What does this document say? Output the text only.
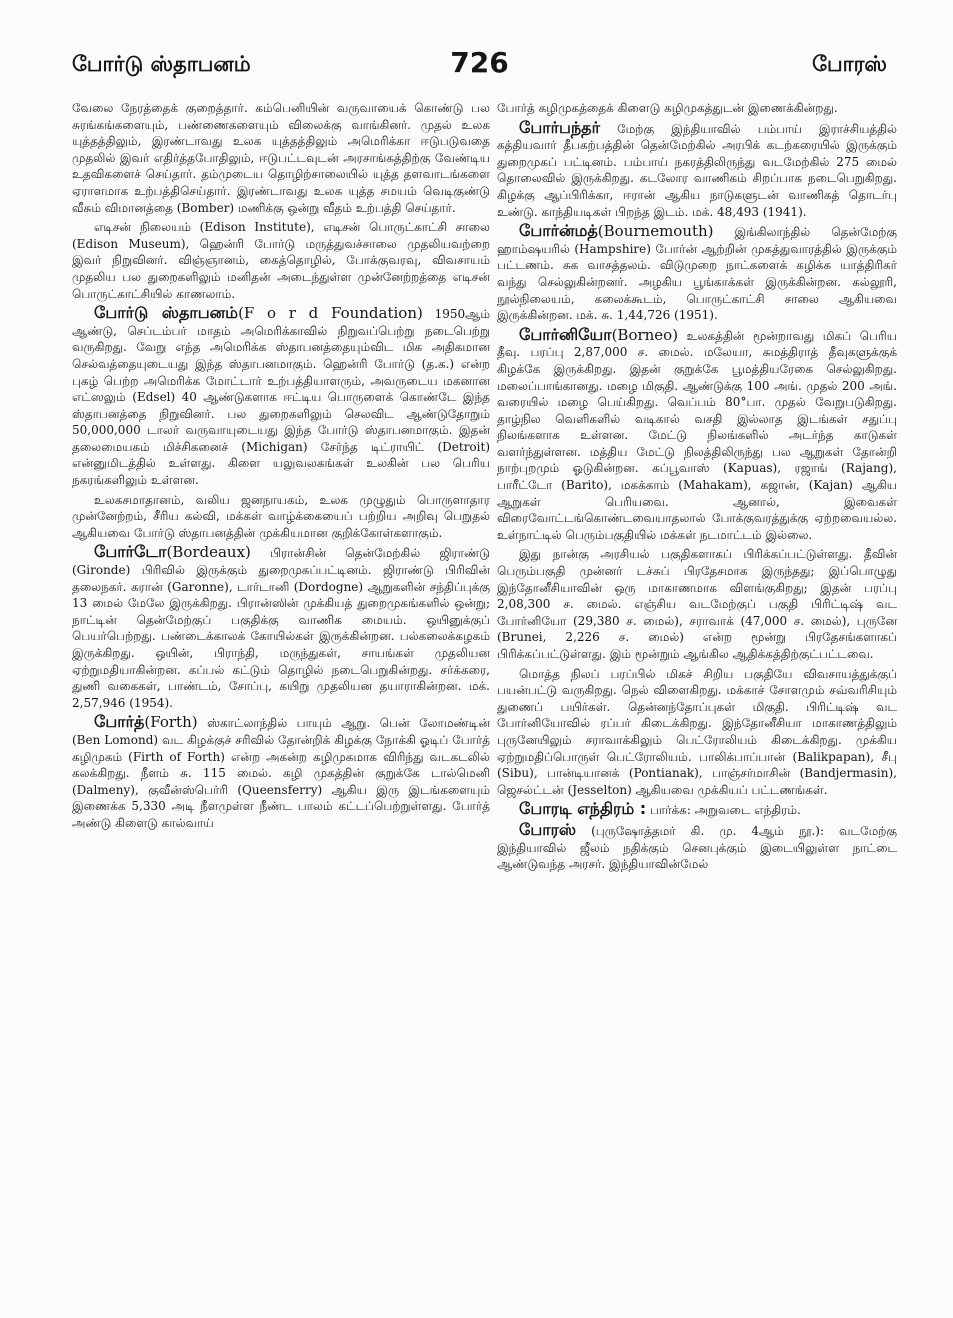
போர்டு ஸ்தாபனம்	726	போரஸ்

வேலை நேரத்தைக் குறைத்தார். கம்பெனியின் வருவாயைக் கொண்டு பல சுரங்கங்களையும், பண்ணைகளையும் விலைக்கு வாங்கினர். முதல் உலக யுத்தத்திலும், இரண்டாவது உலக யுத்தத்திலும் அமெரிக்கா ஈடுபடுவதை முதலில் இவர் எதிர்த்தபோதிலும், ஈடுபட்டவுடன் அரசாங்கத்திற்கு வேண்டிய உதவிகளைச் செய்தார். தம்முடைய தொழிற்சாலையில் யுத்த தளவாடங்களை ஏராளமாக உற்பத்திசெய்தார். இரண்டாவது உலக யுத்த சமயம் வெடிகுண்டு வீசும் விமானத்தை (Bomber) மணிக்கு ஒன்று வீதம் உற்பத்தி செய்தார்.

எடிசன் நிலையம் (Edison Institute), எடிசன் பொருட்காட்சி சாலை (Edison Museum), ஹென்ரி போர்டு மருத்துவச்சாலை முதலியவற்றை இவர் நிறுவினர். விஞ்ஞானம், கைத்தொழில், போக்குவரவு, விவசாயம் முதலிய பல துறைகளிலும் மனிதன் அடைந்துள்ள முன்னேற்றத்தை எடிசன் பொருட்காட்சியில் காணலாம்.

போர்டு ஸ்தாபனம்(F o r d Foundation) 1950ஆம் ஆண்டு, செப்டம்பர் மாதம் அமெரிக்காவில் நிறுவப்பெற்று நடைபெற்று வருகிறது. வேறு எந்த அமெரிக்க ஸ்தாபனத்தையும்விட மிக அதிகமான செல்வத்தையுடையது இந்த ஸ்தாபனமாகும். ஹென்ரி போர்டு (த.க.) என்ற புகழ் பெற்ற அமெரிக்க மோட்டார் உற்பத்தியாளரும், அவருடைய மகனான எட்ஸலும் (Edsel) 40 ஆண்டுகளாக ஈட்டிய பொருளைக் கொண்டே இந்த ஸ்தாபனத்தை நிறுவினர். பல துறைகளிலும் செலவிட ஆண்டுதோறும் 50,000,000 டாலர் வருவாயுடையது இந்த போர்டு ஸ்தாபனமாகும். இதன் தலைமையகம் மிச்சிகனைச் (Michigan) சேர்ந்த டிட்ராயிட் (Detroit) என்னுமிடத்தில் உள்ளது. கிளை யலுவலகங்கள் உலகின் பல பெரிய நகரங்களிலும் உள்ளன.

உலகசமாதானம், வலிய ஜனநாயகம், உலக முழுதும் பொருளாதார முன்னேற்றம், சீரிய கல்வி, மக்கள் வாழ்க்கையைப் பற்றிய அறிவு பெறுதல் ஆகியவை போர்டு ஸ்தாபனத்தின் முக்கியமான குறிக்கோள்களாகும்.

போர்டோ(Bordeaux) பிரான்சின் தென்மேற்கில் ஜிராண்டு (Gironde) பிரிவில் இருக்கும் துறைமுகப்பட்டினம். ஜிராண்டு பிரிவின் தலைநகர். கரான் (Garonne), டார்டானி (Dordogne) ஆறுகளின் சந்திப்புக்கு 13 மைல் மேலே இருக்கிறது. பிரான்ஸின் முக்கியத் துறைமுகங்களில் ஒன்று; நாட்டின் தென்மேற்குப் பகுதிக்கு வாணிக மையம். ஒயினுக்குப் பெயர்பெற்றது. பண்டைக்காலக் கோயில்கள் இருக்கின்றன. பல்கலைக்கழகம் இருக்கிறது. ஒயின், பிராந்தி, மருந்துகள், சாயங்கள் முதலியன ஏற்றுமதியாகின்றன. கப்பல் கட்டும் தொழில் நடைபெறுகின்றது. சர்க்கரை, துணி வகைகள், பாண்டம், சோப்பு, கயிறு முதலியன தயாராகின்றன. மக். 2,57,946 (1954).

போர்த்(Forth) ஸ்காட்லாந்தில் பாயும் ஆறு. பென் லோமண்டின் (Ben Lomond) வட கிழக்குச் சரிவில் தோன்றிக் கிழக்கு நோக்கி ஓடிப் போர்த் கழிமுகம் (Firth of Forth) என்ற அகன்ற கழிமுகமாக விரிந்து வடகடலில் கலக்கிறது. நீளம் சு. 115 மைல். கழி முகத்தின் குறுக்கே டால்மெனி (Dalmeny), குவீன்ஸ்பெர்ரி (Queensferry) ஆகிய இரு இடங்களையும் இணைக்க 5,330 அடி நீளமுள்ள நீண்ட பாலம் கட்டப்பெற்றுள்ளது. போர்த் அண்டு கிளைடு கால்வாய்

போர்த் கழிமுகத்தைக் கிளைடு கழிமுகத்துடன் இணைக்கின்றது.

போர்பந்தர் மேற்கு இந்தியாவில் பம்பாய் இராச்சியத்தில் கத்தியவார் தீபகற்பத்தின் தென்மேற்கில் அரபிக் கடற்கரையில் இருக்கும் துறைமுகப் பட்டினம். பம்பாய் நகரத்திலிருந்து வடமேற்கில் 275 மைல் தொலைவில் இருக்கிறது. கடலோர வாணிகம் சிறப்பாக நடைபெறுகிறது. கிழக்கு ஆப்பிரிக்கா, ஈரான் ஆகிய நாடுகளுடன் வாணிகத் தொடர்பு உண்டு. காந்தியடிகள் பிறந்த இடம். மக். 48,493 (1941).

போர்ன்மத்(Bournemouth) இங்கிலாந்தில் தென்மேற்கு ஹாம்ஷயரில் (Hampshire) போர்ன் ஆற்றின் முகத்துவாரத்தில் இருக்கும் பட்டணம். சுக வாசத்தலம். விடுமுறை நாட்களைக் கழிக்க யாத்திரிகர் வந்து செல்லுகின்றனர். அழகிய பூங்காக்கள் இருக்கின்றன. கல்லூரி, நூல்நிலையம், கலைக்கூடம், பொருட்காட்சி சாலை ஆகியவை இருக்கின்றன. மக். சு. 1,44,726 (1951).

போர்னியோ(Borneo) உலகத்தின் மூன்றாவது மிகப் பெரிய தீவு. பரப்பு 2,87,000 ச. மைல். மலேயா, சுமத்திராத் தீவுகளுக்குக் கிழக்கே இருக்கிறது. இதன் குறுக்கே பூமத்தியரேகை செல்லுகிறது. மலைப்பாங்கானது. மழை மிகுதி. ஆண்டுக்கு 100 அங். முதல் 200 அங். வரையில் மழை பெய்கிறது. வெப்பம் 80°பா. முதல் வேறுபடுகிறது. தாழ்நில வெளிகளில் வடிகால் வசதி இல்லாத இடங்கள் சதுப்பு நிலங்களாக உள்ளன. மேட்டு நிலங்களில் அடர்ந்த காடுகள் வளர்ந்துள்ளன. மத்திய மேட்டு நிலத்திலிருந்து பல ஆறுகள் தோன்றி நாற்புறமும் ஓடுகின்றன. கப்பூவாஸ் (Kapuas), ரஜாங் (Rajang), பாரீட்டோ (Barito), மகக்காம் (Mahakam), கஜான், (Kajan) ஆகிய ஆறுகள் பெரியவை. ஆனால், இவைகள் விரைவோட்டங்கொண்டவையாதலால் போக்குவரத்துக்கு ஏற்றவையல்ல. உள்நாட்டில் பெரும்பகுதியில் மக்கள் நடமாட்டம் இல்லை.

இது நான்கு அரசியல் பகுதிகளாகப் பிரிக்கப்பட்டுள்ளது. தீவின் பெரும்பகுதி முன்னர் டச்சுப் பிரதேசமாக இருந்தது; இப்பொழுது இந்தோனீசியாவின் ஒரு மாகாணமாக விளங்குகிறது; இதன் பரப்பு 2,08,300 ச. மைல். எஞ்சிய வடமேற்குப் பகுதி பிரிட்டிஷ் வட போர்னியோ (29,380 ச. மைல்), சராவாக் (47,000 ச. மைல்), புருனே (Brunei, 2,226 ச. மைல்) என்ற மூன்று பிரதேசங்களாகப் பிரிக்கப்பட்டுள்ளது. இம் மூன்றும் ஆங்கில ஆதிக்கத்திற்குட்பட்டவை.

மொத்த நிலப் பரப்பில் மிகச் சிறிய பகுதியே விவசாயத்துக்குப் பயன்பட்டு வருகிறது. நெல் விளைகிறது. மக்காச் சோளமும் சவ்வரிசியும் துணைப் பயிர்கள். தென்னந்தோப்புகள் மிகுதி. பிரிட்டிஷ் வட போர்னியோவில் ரப்பர் கிடைக்கிறது. இந்தோனீசியா மாகாணத்திலும் புருனேயிலும் சராவாக்கிலும் பெட்ரோலியம் கிடைக்கிறது. முக்கிய ஏற்றுமதிப்பொருள் பெட்ரோலியம். பாலிக்பாப்பான் (Balikpapan), சீபு (Sibu), பான்டியானக் (Pontianak), பாஞ்சர்மாசின் (Bandjermasin), ஜெசல்ட்டன் (Jesselton) ஆகியவை முக்கியப் பட்டணங்கள்.

போரடி எந்திரம் : பார்க்க: அறுவடை எந்திரம்.

போரஸ் (புருஷோத்தமர் கி. மு. 4ஆம் நூ.): வடமேற்கு இந்தியாவில் ஜீலம் நதிக்கும் செனபுக்கும் இடையிலுள்ள நாட்டை ஆண்டுவந்த அரசர். இந்தியாவின்மேல்
